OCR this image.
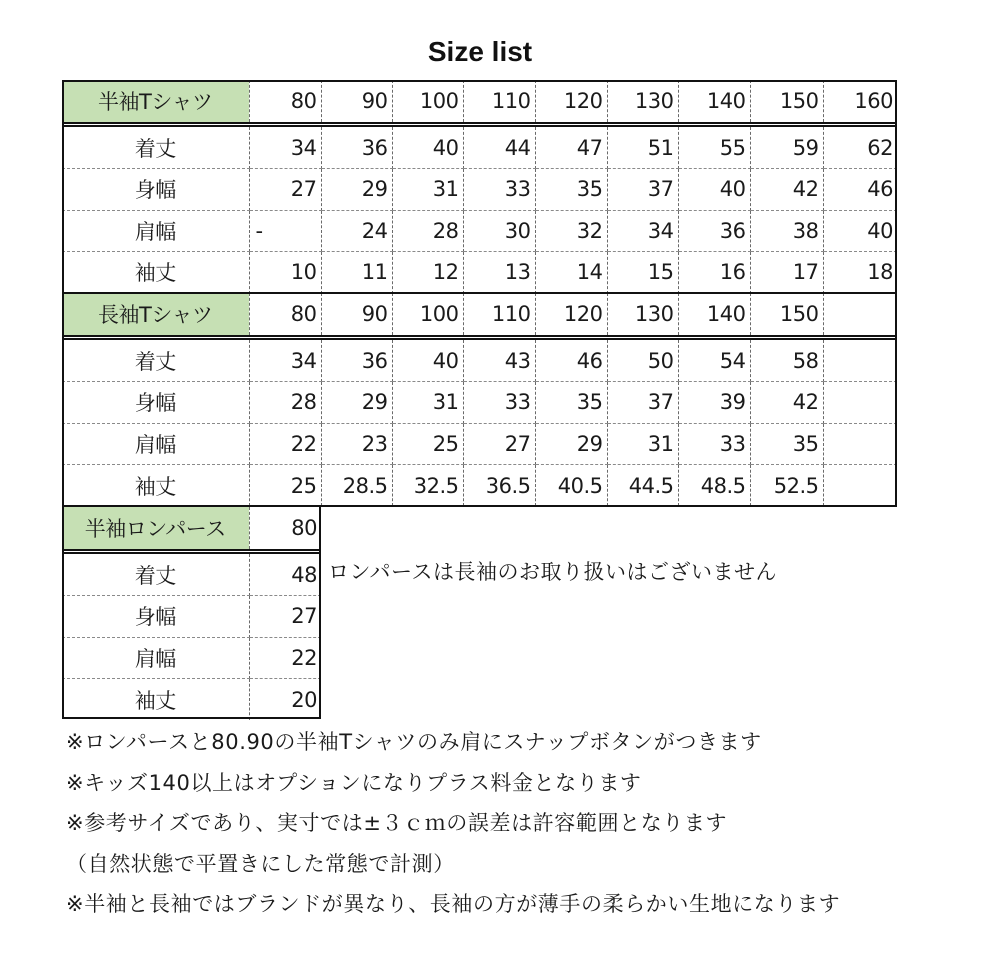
Size list
半袖Tシャツ	80	90	100	110	120	130	140	150	160
着丈	34	36	40	44	47	51	55	59	62
身幅	27	29	31	33	35	37	40	42	46
肩幅	-	24	28	30	32	34	36	38	40
袖丈	10	11	12	13	14	15	16	17	18
長袖Tシャツ	80	90	100	110	120	130	140	150	
着丈	34	36	40	43	46	50	54	58	
身幅	28	29	31	33	35	37	39	42	
肩幅	22	23	25	27	29	31	33	35	
袖丈	25	28.5	32.5	36.5	40.5	44.5	48.5	52.5	
半袖ロンパース	80
着丈	48
身幅	27
肩幅	22
袖丈	20
ロンパースは長袖のお取り扱いはございません
※ロンパースと80.90の半袖Tシャツのみ肩にスナップボタンがつきます
※キッズ140以上はオプションになりプラス料金となります
※参考サイズであり、実寸では±３ｃｍの誤差は許容範囲となります
（自然状態で平置きにした常態で計測）
※半袖と長袖ではブランドが異なり、長袖の方が薄手の柔らかい生地になります
